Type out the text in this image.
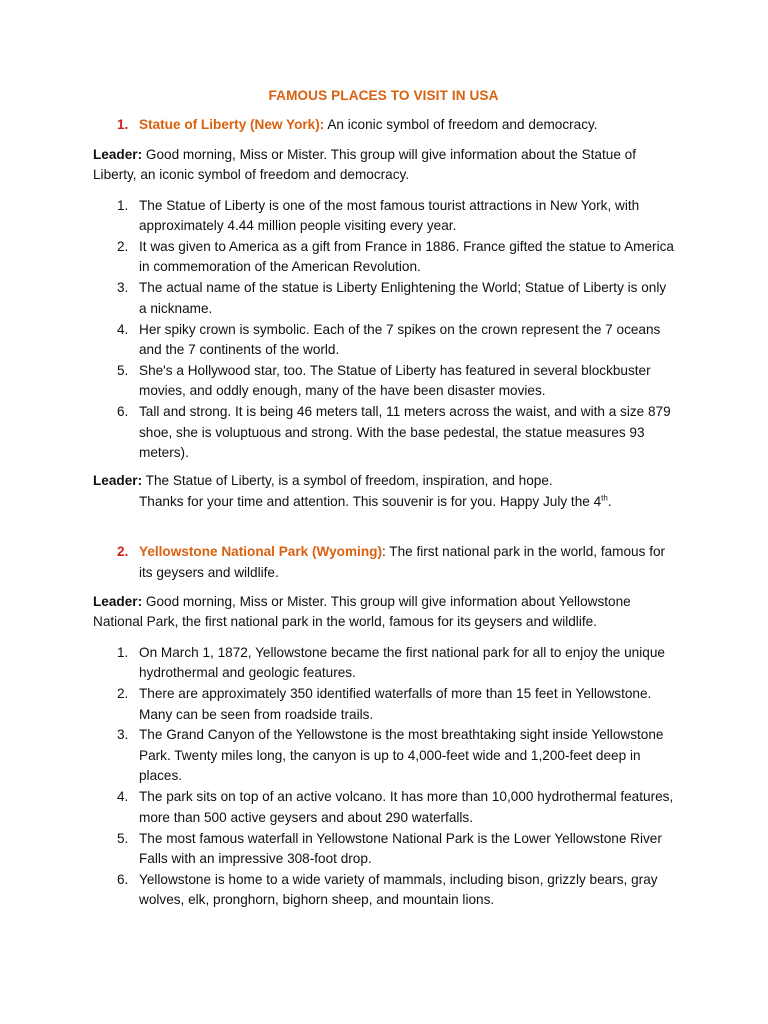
FAMOUS PLACES TO VISIT IN USA
1. Statue of Liberty (New York): An iconic symbol of freedom and democracy.
Leader: Good morning, Miss or Mister. This group will give information about the Statue of Liberty, an iconic symbol of freedom and democracy.
1. The Statue of Liberty is one of the most famous tourist attractions in New York, with approximately 4.44 million people visiting every year.
2. It was given to America as a gift from France in 1886. France gifted the statue to America in commemoration of the American Revolution.
3. The actual name of the statue is Liberty Enlightening the World; Statue of Liberty is only a nickname.
4. Her spiky crown is symbolic. Each of the 7 spikes on the crown represent the 7 oceans and the 7 continents of the world.
5. She's a Hollywood star, too. The Statue of Liberty has featured in several blockbuster movies, and oddly enough, many of the have been disaster movies.
6. Tall and strong. It is being 46 meters tall, 11 meters across the waist, and with a size 879 shoe, she is voluptuous and strong. With the base pedestal, the statue measures 93 meters).
Leader: The Statue of Liberty, is a symbol of freedom, inspiration, and hope.
Thanks for your time and attention. This souvenir is for you. Happy July the 4th.
2. Yellowstone National Park (Wyoming): The first national park in the world, famous for its geysers and wildlife.
Leader: Good morning, Miss or Mister. This group will give information about Yellowstone National Park, the first national park in the world, famous for its geysers and wildlife.
1. On March 1, 1872, Yellowstone became the first national park for all to enjoy the unique hydrothermal and geologic features.
2. There are approximately 350 identified waterfalls of more than 15 feet in Yellowstone. Many can be seen from roadside trails.
3. The Grand Canyon of the Yellowstone is the most breathtaking sight inside Yellowstone Park. Twenty miles long, the canyon is up to 4,000-feet wide and 1,200-feet deep in places.
4. The park sits on top of an active volcano. It has more than 10,000 hydrothermal features, more than 500 active geysers and about 290 waterfalls.
5. The most famous waterfall in Yellowstone National Park is the Lower Yellowstone River Falls with an impressive 308-foot drop.
6. Yellowstone is home to a wide variety of mammals, including bison, grizzly bears, gray wolves, elk, pronghorn, bighorn sheep, and mountain lions.
